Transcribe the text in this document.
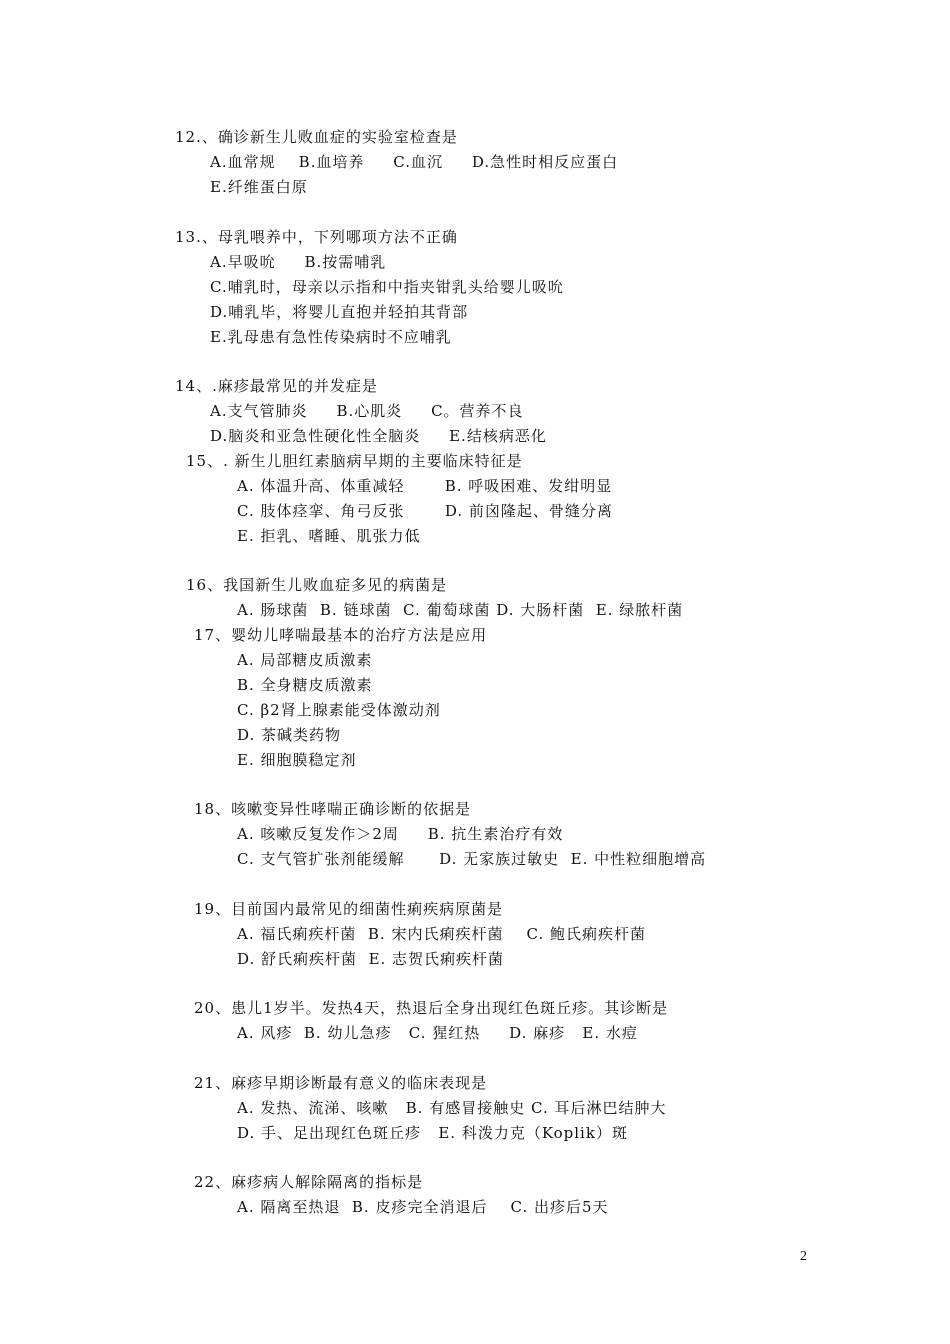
12.、确诊新生儿败血症的实验室检查是
A.血常规    B.血培养     C.血沉     D.急性时相反应蛋白
E.纤维蛋白原
13.、母乳喂养中，下列哪项方法不正确
A.早吸吮     B.按需哺乳
C.哺乳时，母亲以示指和中指夹钳乳头给婴儿吸吮
D.哺乳毕，将婴儿直抱并轻拍其背部
E.乳母患有急性传染病时不应哺乳
14、.麻疹最常见的并发症是
A.支气管肺炎     B.心肌炎     C。营养不良
D.脑炎和亚急性硬化性全脑炎     E.结核病恶化
15、. 新生儿胆红素脑病早期的主要临床特征是
A. 体温升高、体重减轻       B. 呼吸困难、发绀明显
C. 肢体痉挛、角弓反张       D. 前囟隆起、骨缝分离
E. 拒乳、嗜睡、肌张力低
16、我国新生儿败血症多见的病菌是
A. 肠球菌  B. 链球菌  C. 葡萄球菌 D. 大肠杆菌  E. 绿脓杆菌
17、婴幼儿哮喘最基本的治疗方法是应用
A. 局部糖皮质激素
B. 全身糖皮质激素
C. β2肾上腺素能受体激动剂
D. 茶碱类药物
E. 细胞膜稳定剂
18、咳嗽变异性哮喘正确诊断的依据是
A. 咳嗽反复发作＞2周     B. 抗生素治疗有效
C. 支气管扩张剂能缓解      D. 无家族过敏史  E. 中性粒细胞增高
19、目前国内最常见的细菌性痢疾病原菌是
A. 福氏痢疾杆菌  B. 宋内氏痢疾杆菌    C. 鲍氏痢疾杆菌
D. 舒氏痢疾杆菌  E. 志贺氏痢疾杆菌
20、患儿1岁半。发热4天，热退后全身出现红色斑丘疹。其诊断是
A. 风疹  B. 幼儿急疹   C. 猩红热     D. 麻疹   E. 水痘
21、麻疹早期诊断最有意义的临床表现是
A. 发热、流涕、咳嗽   B. 有感冒接触史 C. 耳后淋巴结肿大
D. 手、足出现红色斑丘疹   E. 科泼力克（Koplik）斑
22、麻疹病人解除隔离的指标是
A. 隔离至热退  B. 皮疹完全消退后    C. 出疹后5天
2
